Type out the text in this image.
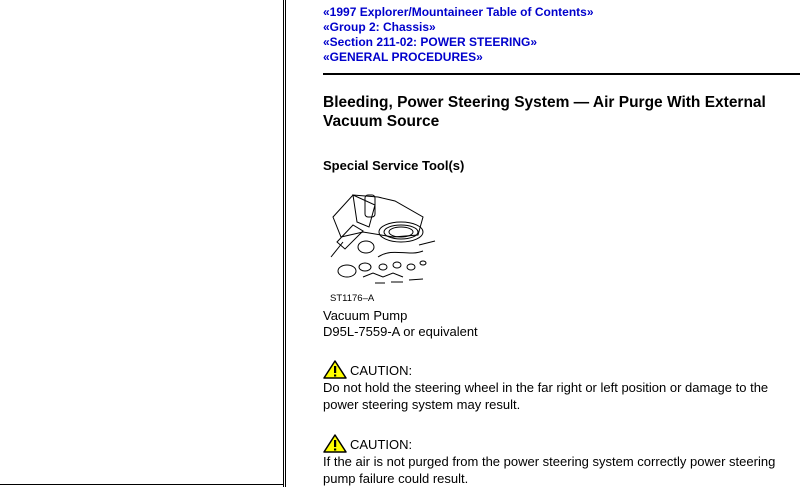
«1997 Explorer/Mountaineer Table of Contents»
«Group 2: Chassis»
«Section 211-02: POWER STEERING»
«GENERAL PROCEDURES»
Bleeding, Power Steering System — Air Purge With External Vacuum Source
Special Service Tool(s)
ST1176–A
Vacuum Pump
D95L-7559-A or equivalent
CAUTION:
Do not hold the steering wheel in the far right or left position or damage to the power steering system may result.
CAUTION:
If the air is not purged from the power steering system correctly power steering pump failure could result.
